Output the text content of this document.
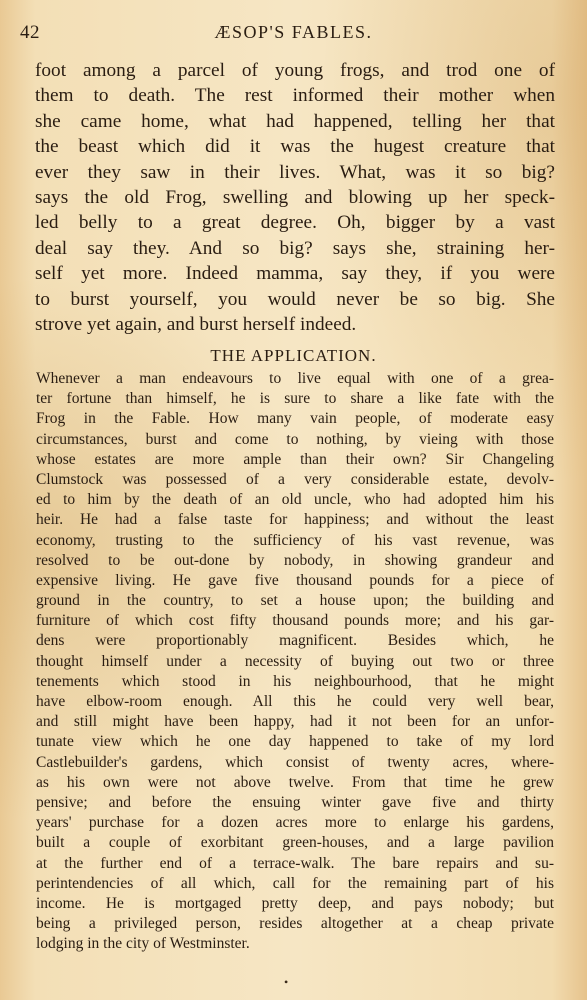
42	ÆSOP'S FABLES.
foot among a parcel of young frogs, and trod one of
them to death. The rest informed their mother when
she came home, what had happened, telling her that
the beast which did it was the hugest creature that
ever they saw in their lives. What, was it so big?
says the old Frog, swelling and blowing up her speck-
led belly to a great degree. Oh, bigger by a vast
deal say they. And so big? says she, straining her-
self yet more. Indeed mamma, say they, if you were
to burst yourself, you would never be so big. She
strove yet again, and burst herself indeed.
THE APPLICATION.
Whenever a man endeavours to live equal with one of a grea-
ter fortune than himself, he is sure to share a like fate with the
Frog in the Fable. How many vain people, of moderate easy
circumstances, burst and come to nothing, by vieing with those
whose estates are more ample than their own? Sir Changeling
Clumstock was possessed of a very considerable estate, devolv-
ed to him by the death of an old uncle, who had adopted him his
heir. He had a false taste for happiness; and without the least
economy, trusting to the sufficiency of his vast revenue, was
resolved to be out-done by nobody, in showing grandeur and
expensive living. He gave five thousand pounds for a piece of
ground in the country, to set a house upon; the building and
furniture of which cost fifty thousand pounds more; and his gar-
dens were proportionably magnificent. Besides which, he
thought himself under a necessity of buying out two or three
tenements which stood in his neighbourhood, that he might
have elbow-room enough. All this he could very well bear,
and still might have been happy, had it not been for an unfor-
tunate view which he one day happened to take of my lord
Castlebuilder's gardens, which consist of twenty acres, where-
as his own were not above twelve. From that time he grew
pensive; and before the ensuing winter gave five and thirty
years' purchase for a dozen acres more to enlarge his gardens,
built a couple of exorbitant green-houses, and a large pavilion
at the further end of a terrace-walk. The bare repairs and su-
perintendencies of all which, call for the remaining part of his
income. He is mortgaged pretty deep, and pays nobody; but
being a privileged person, resides altogether at a cheap private
lodging in the city of Westminster.
•
